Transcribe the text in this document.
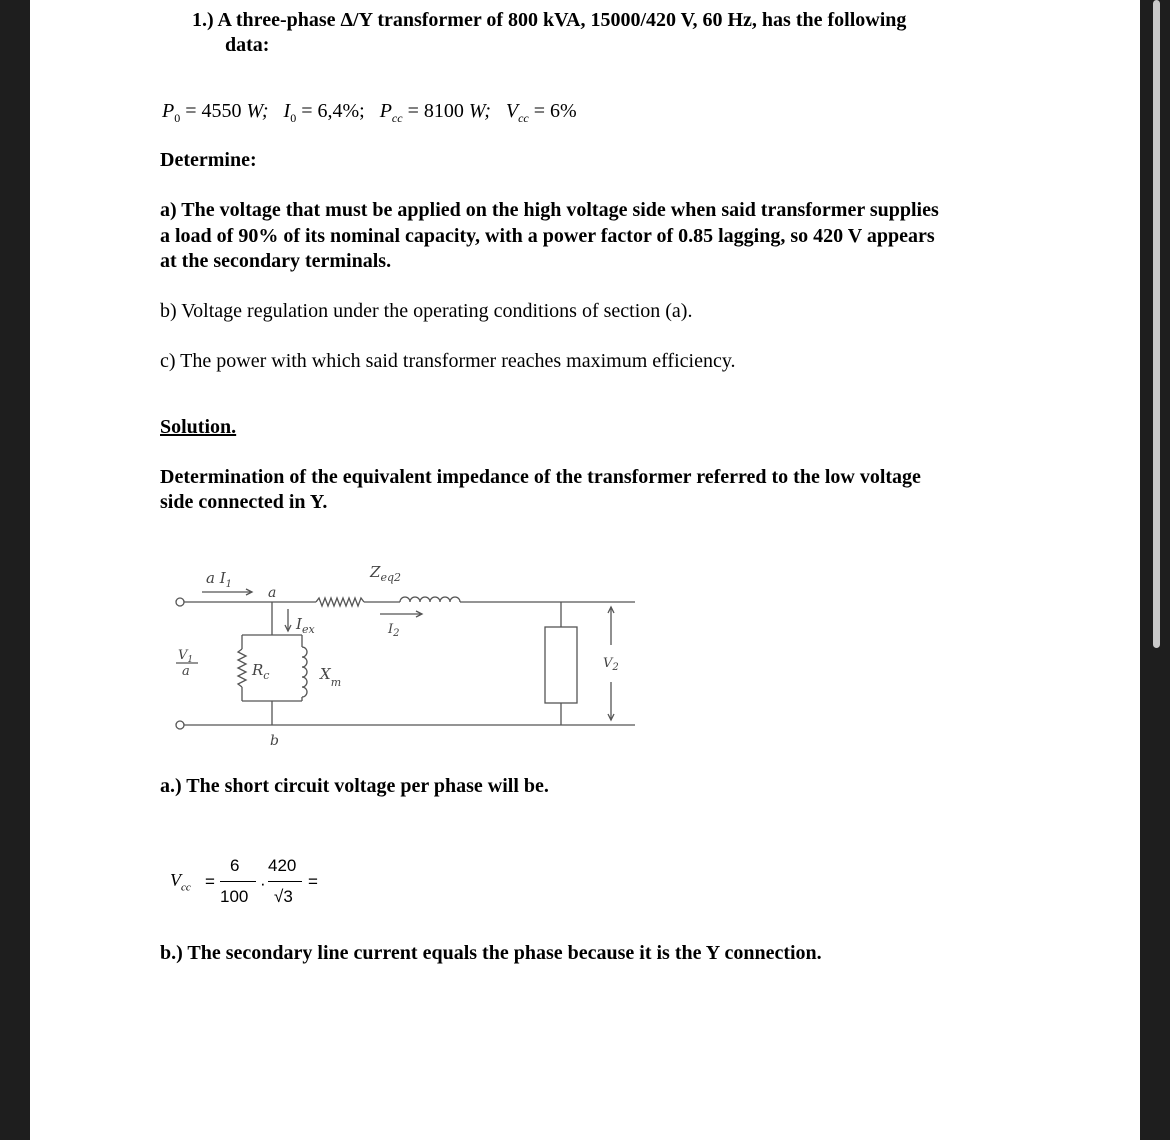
1.) A three-phase Δ/Y transformer of 800 kVA, 15000/420 V, 60 Hz, has the following
data:
$P_0 = 4550$ W; $I_0 = 6,4\%$; $P_{cc} = 8100$ W; $V_{cc} = 6\%$
Determine:
a) The voltage that must be applied on the high voltage side when said transformer supplies
a load of 90% of its nominal capacity, with a power factor of 0.85 lagging, so 420 V appears
at the secondary terminals.
b) Voltage regulation under the operating conditions of section (a).
c) The power with which said transformer reaches maximum efficiency.
Solution.
Determination of the equivalent impedance of the transformer referred to the low voltage
side connected in Y.
a $I_1$
a
$Z_{eq2}$
$I_{ex}$	$I_2$
$V_1$
a	$R_c$	$X_m$
$V_2$
b
a.) The short circuit voltage per phase will be.
$V_{cc}$ =
6
100
·
420
√3
=
b.) The secondary line current equals the phase because it is the Y connection.
